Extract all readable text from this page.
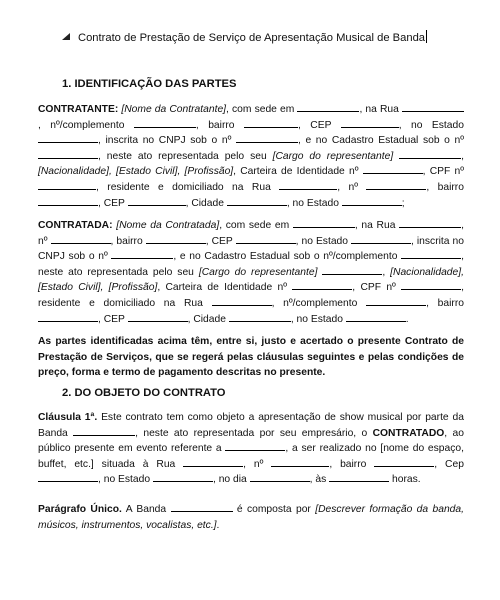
Contrato de Prestação de Serviço de Apresentação Musical de Banda
1. IDENTIFICAÇÃO DAS PARTES

CONTRATANTE: [Nome da Contratante], com sede em	, na Rua , nº/complemento	, bairro	, CEP	, no Estado , inscrita no CNPJ sob o nº	, e no Cadastro Estadual sob o nº , neste ato representada pelo seu [Cargo do representante]	, [Nacionalidade], [Estado Civil], [Profissão], Carteira de Identidade nº	, CPF nº , residente e domiciliado na Rua	, nº	, bairro , CEP	, Cidade	, no Estado	;

CONTRATADA: [Nome da Contratada], com sede em	, na Rua	, nº	, bairro	, CEP	, no Estado	, inscrita no CNPJ sob o nº	, e no Cadastro Estadual sob o nº/complemento	, neste ato representada pelo seu [Cargo do representante]	, [Nacionalidade], [Estado Civil], [Profissão], Carteira de Identidade nº	, CPF nº	, residente e domiciliado na Rua	, nº/complemento	, bairro , CEP	, Cidade	, no Estado	.

As partes identificadas acima têm, entre si, justo e acertado o presente Contrato de Prestação de Serviços, que se regerá pelas cláusulas seguintes e pelas condições de preço, forma e termo de pagamento descritas no presente.

2. DO OBJETO DO CONTRATO

Cláusula 1ª. Este contrato tem como objeto a apresentação de show musical por parte da Banda	, neste ato representada por seu empresário, o CONTRATADO, ao público presente em evento referente a	, a ser realizado no [nome do espaço, buffet, etc.] situada à Rua	, nº	, bairro	, Cep , no Estado	, no dia	, às	horas.

Parágrafo Único. A Banda	é composta por [Descrever formação da banda, músicos, instrumentos, vocalistas, etc.].
